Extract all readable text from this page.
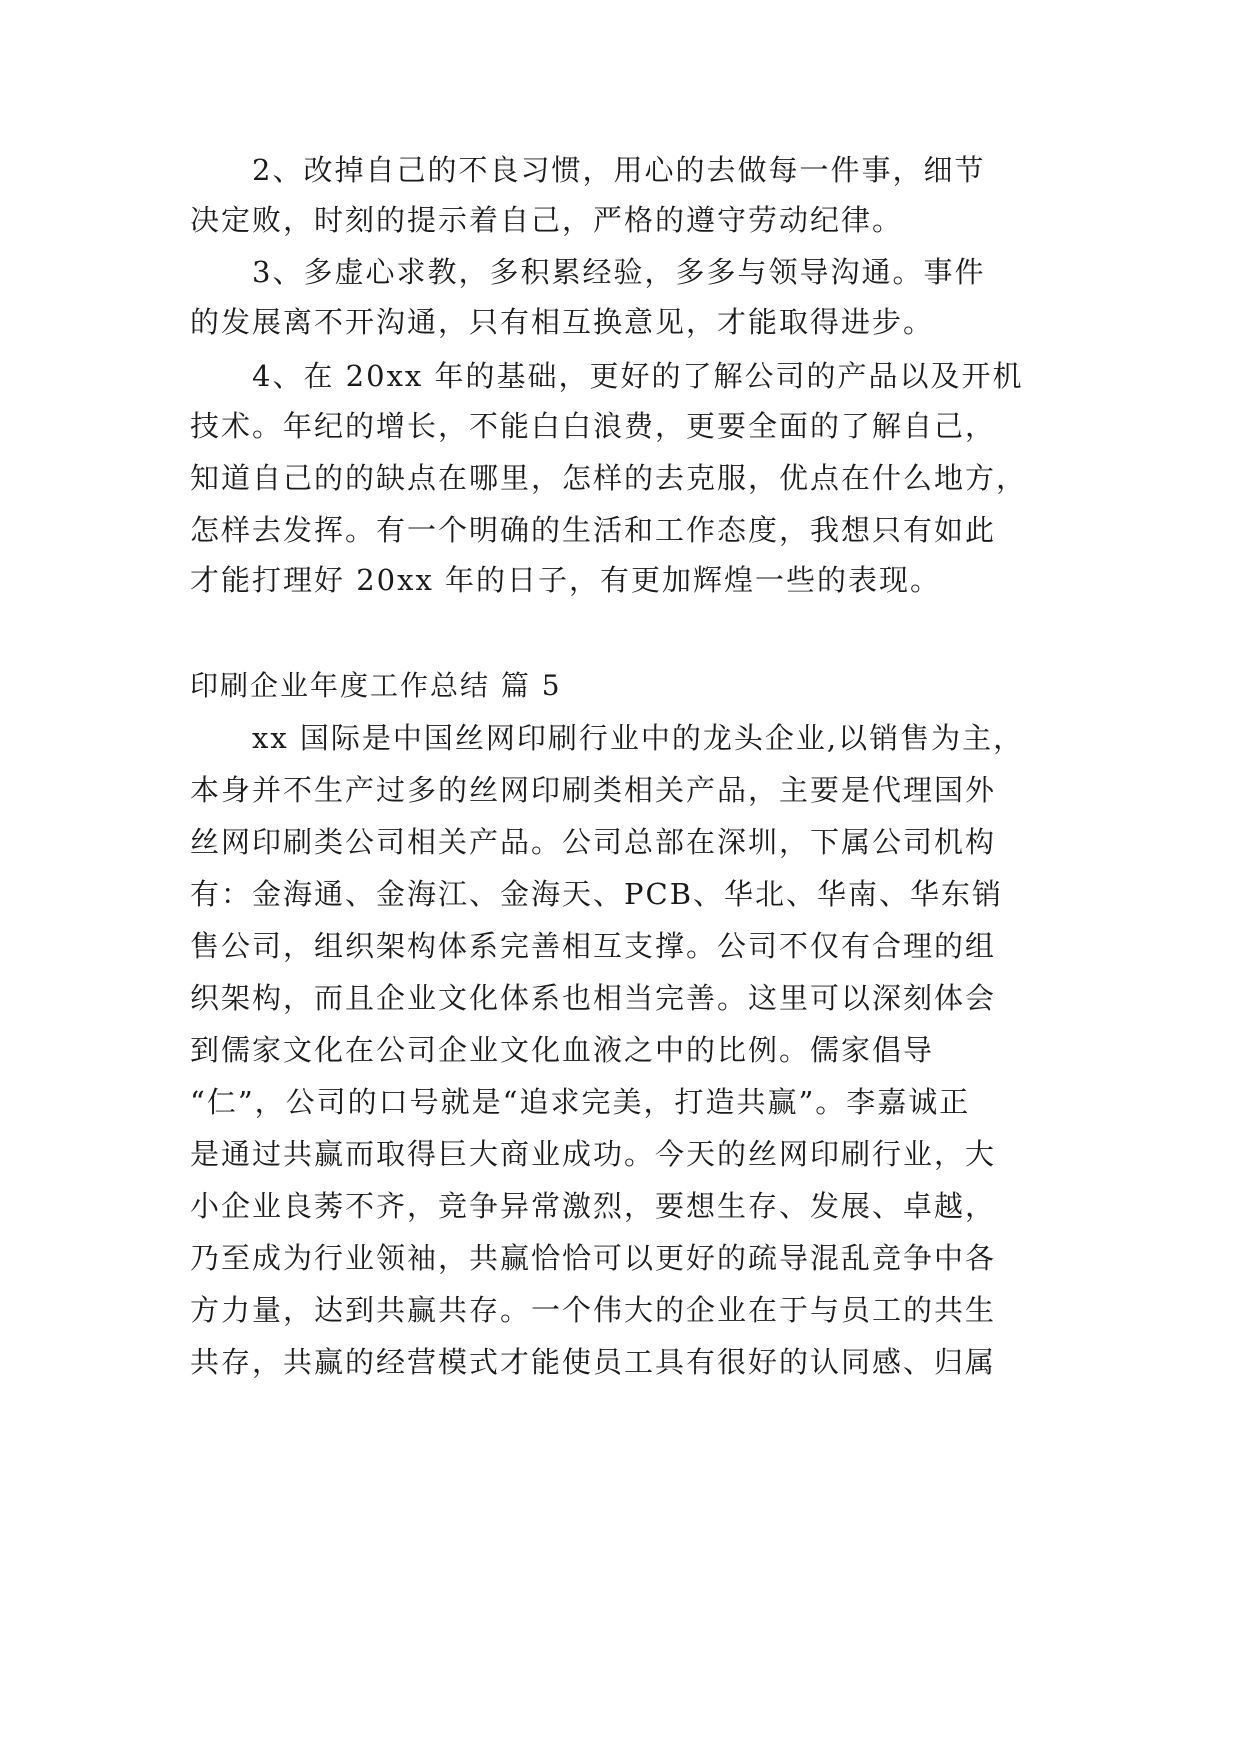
2、改掉自己的不良习惯，用心的去做每一件事，细节
决定败，时刻的提示着自己，严格的遵守劳动纪律。
3、多虚心求教，多积累经验，多多与领导沟通。事件
的发展离不开沟通，只有相互换意见，才能取得进步。
4、在 20xx 年的基础，更好的了解公司的产品以及开机
技术。年纪的增长，不能白白浪费，更要全面的了解自己，
知道自己的的缺点在哪里，怎样的去克服，优点在什么地方，
怎样去发挥。有一个明确的生活和工作态度，我想只有如此
才能打理好 20xx 年的日子，有更加辉煌一些的表现。
印刷企业年度工作总结 篇 5
xx 国际是中国丝网印刷行业中的龙头企业,以销售为主，
本身并不生产过多的丝网印刷类相关产品，主要是代理国外
丝网印刷类公司相关产品。公司总部在深圳，下属公司机构
有：金海通、金海江、金海天、PCB、华北、华南、华东销
售公司，组织架构体系完善相互支撑。公司不仅有合理的组
织架构，而且企业文化体系也相当完善。这里可以深刻体会
到儒家文化在公司企业文化血液之中的比例。儒家倡导
“仁”，公司的口号就是“追求完美，打造共赢”。李嘉诚正
是通过共赢而取得巨大商业成功。今天的丝网印刷行业，大
小企业良莠不齐，竞争异常激烈，要想生存、发展、卓越，
乃至成为行业领袖，共赢恰恰可以更好的疏导混乱竞争中各
方力量，达到共赢共存。一个伟大的企业在于与员工的共生
共存，共赢的经营模式才能使员工具有很好的认同感、归属
